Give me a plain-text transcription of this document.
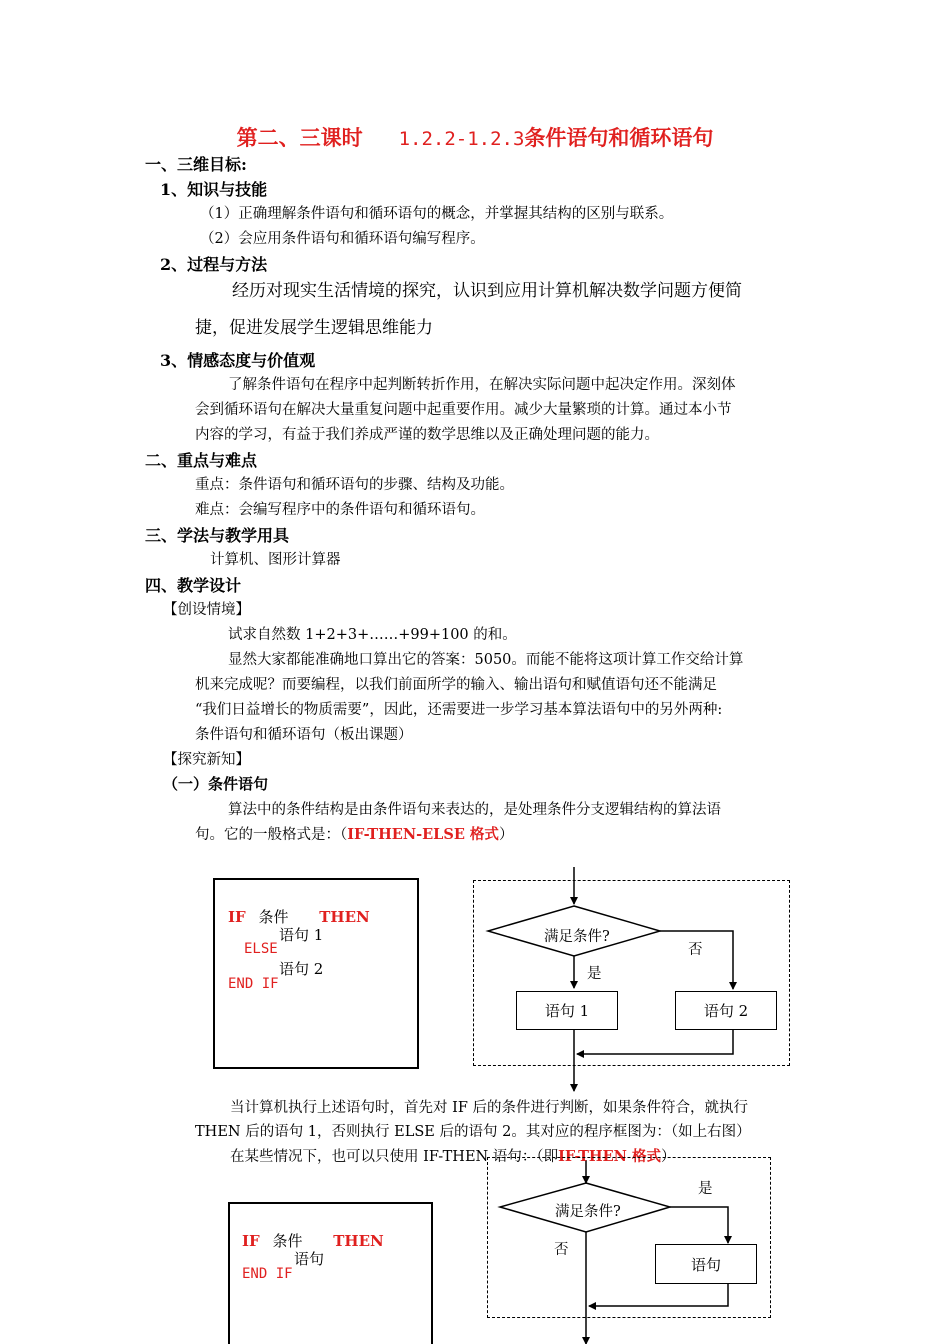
第二、三课时 1.2.2-1.2.3条件语句和循环语句
一、三维目标:
1、知识与技能
（1）正确理解条件语句和循环语句的概念，并掌握其结构的区别与联系。
（2）会应用条件语句和循环语句编写程序。
2、过程与方法
经历对现实生活情境的探究，认识到应用计算机解决数学问题方便简
捷，促进发展学生逻辑思维能力
3、情感态度与价值观
了解条件语句在程序中起判断转折作用，在解决实际问题中起决定作用。深刻体
会到循环语句在解决大量重复问题中起重要作用。减少大量繁琐的计算。通过本小节
内容的学习，有益于我们养成严谨的数学思维以及正确处理问题的能力。
二、重点与难点
重点：条件语句和循环语句的步骤、结构及功能。
难点：会编写程序中的条件语句和循环语句。
三、学法与教学用具
计算机、图形计算器
四、教学设计
【创设情境】
试求自然数 1+2+3+……+99+100 的和。
显然大家都能准确地口算出它的答案：5050。而能不能将这项计算工作交给计算
机来完成呢？而要编程，以我们前面所学的输入、输出语句和赋值语句还不能满足
“我们日益增长的物质需要”，因此，还需要进一步学习基本算法语句中的另外两种:
条件语句和循环语句（板出课题）
【探究新知】
（一）条件语句
算法中的条件结构是由条件语句来表达的，是处理条件分支逻辑结构的算法语
句。它的一般格式是：（IF-THEN-ELSE 格式）
IF 条件 THEN
语句 1
ELSE
语句 2
END IF
满足条件?
否
是
语句 1	语句 2
当计算机执行上述语句时，首先对 IF 后的条件进行判断，如果条件符合，就执行
THEN 后的语句 1，否则执行 ELSE 后的语句 2。其对应的程序框图为：（如上右图）
在某些情况下，也可以只使用 IF-THEN 语句：（即IF-THEN 格式）
满足条件?
是
否
语句
IF 条件 THEN
语句
END IF
